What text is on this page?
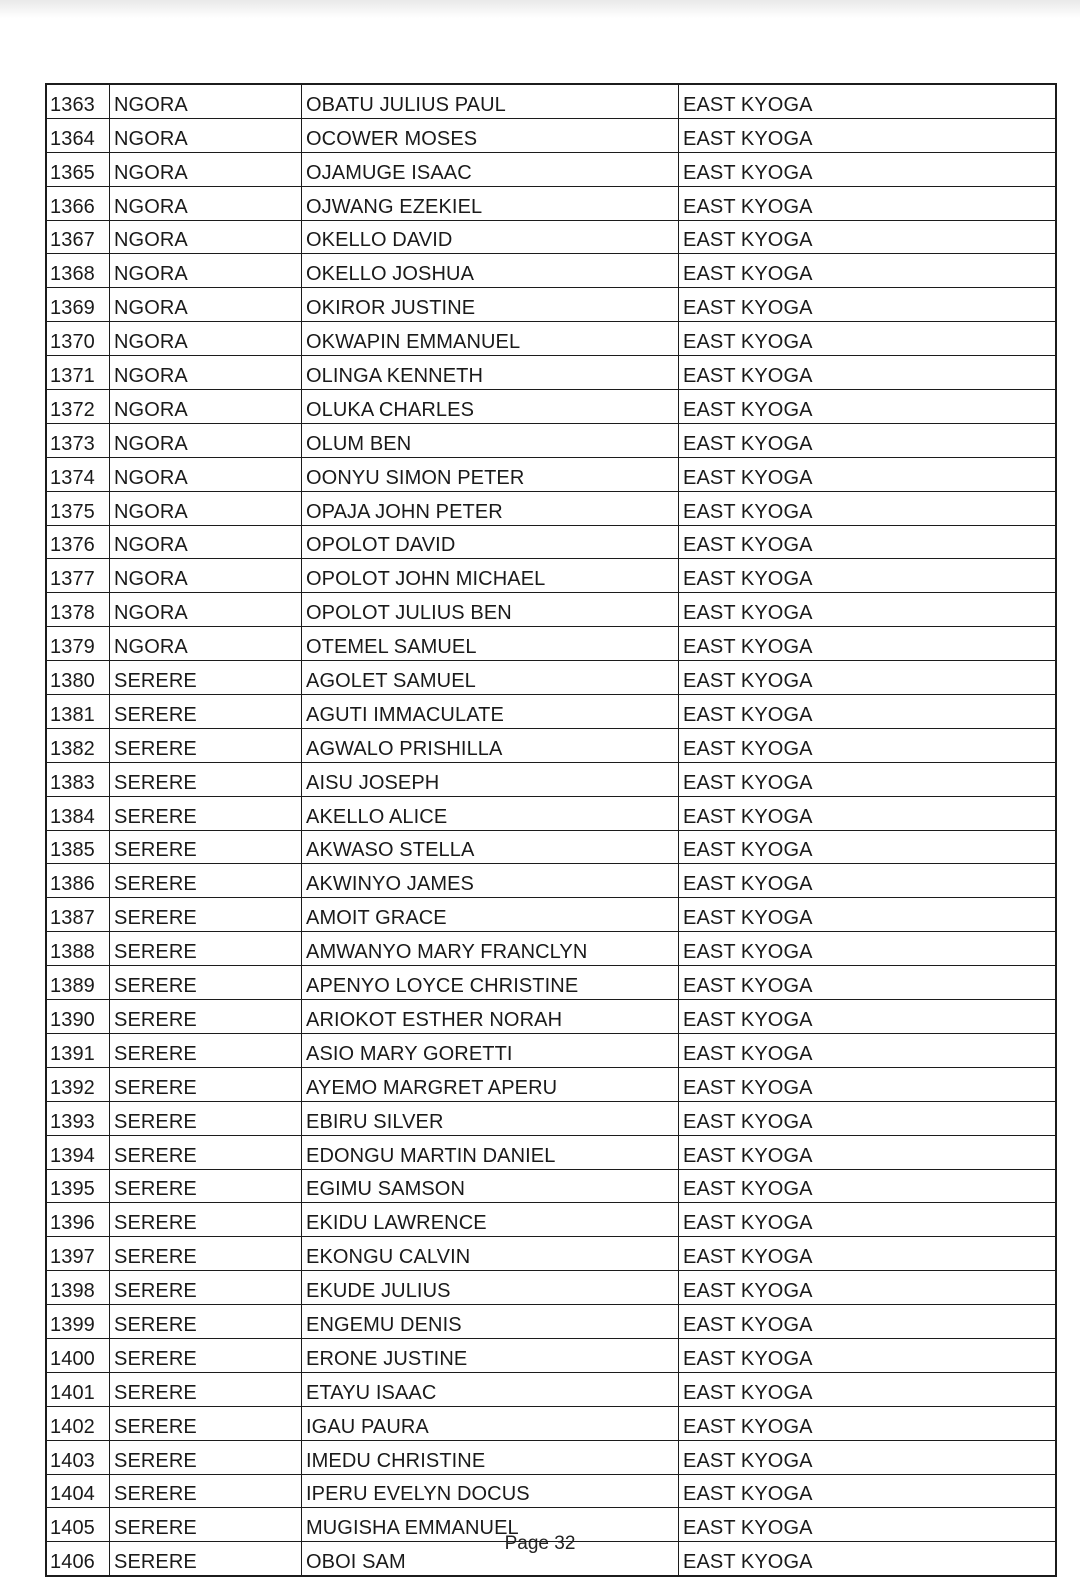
1363	NGORA	OBATU JULIUS PAUL	EAST KYOGA
1364	NGORA	OCOWER MOSES	EAST KYOGA
1365	NGORA	OJAMUGE ISAAC	EAST KYOGA
1366	NGORA	OJWANG EZEKIEL	EAST KYOGA
1367	NGORA	OKELLO DAVID	EAST KYOGA
1368	NGORA	OKELLO JOSHUA	EAST KYOGA
1369	NGORA	OKIROR JUSTINE	EAST KYOGA
1370	NGORA	OKWAPIN EMMANUEL	EAST KYOGA
1371	NGORA	OLINGA KENNETH	EAST KYOGA
1372	NGORA	OLUKA CHARLES	EAST KYOGA
1373	NGORA	OLUM BEN	EAST KYOGA
1374	NGORA	OONYU SIMON PETER	EAST KYOGA
1375	NGORA	OPAJA JOHN PETER	EAST KYOGA
1376	NGORA	OPOLOT DAVID	EAST KYOGA
1377	NGORA	OPOLOT JOHN MICHAEL	EAST KYOGA
1378	NGORA	OPOLOT JULIUS BEN	EAST KYOGA
1379	NGORA	OTEMEL SAMUEL	EAST KYOGA
1380	SERERE	AGOLET SAMUEL	EAST KYOGA
1381	SERERE	AGUTI IMMACULATE	EAST KYOGA
1382	SERERE	AGWALO PRISHILLA	EAST KYOGA
1383	SERERE	AISU JOSEPH	EAST KYOGA
1384	SERERE	AKELLO ALICE	EAST KYOGA
1385	SERERE	AKWASO STELLA	EAST KYOGA
1386	SERERE	AKWINYO JAMES	EAST KYOGA
1387	SERERE	AMOIT GRACE	EAST KYOGA
1388	SERERE	AMWANYO MARY FRANCLYN	EAST KYOGA
1389	SERERE	APENYO LOYCE CHRISTINE	EAST KYOGA
1390	SERERE	ARIOKOT ESTHER NORAH	EAST KYOGA
1391	SERERE	ASIO MARY GORETTI	EAST KYOGA
1392	SERERE	AYEMO MARGRET APERU	EAST KYOGA
1393	SERERE	EBIRU SILVER	EAST KYOGA
1394	SERERE	EDONGU MARTIN DANIEL	EAST KYOGA
1395	SERERE	EGIMU SAMSON	EAST KYOGA
1396	SERERE	EKIDU LAWRENCE	EAST KYOGA
1397	SERERE	EKONGU CALVIN	EAST KYOGA
1398	SERERE	EKUDE JULIUS	EAST KYOGA
1399	SERERE	ENGEMU DENIS	EAST KYOGA
1400	SERERE	ERONE JUSTINE	EAST KYOGA
1401	SERERE	ETAYU ISAAC	EAST KYOGA
1402	SERERE	IGAU PAURA	EAST KYOGA
1403	SERERE	IMEDU CHRISTINE	EAST KYOGA
1404	SERERE	IPERU EVELYN DOCUS	EAST KYOGA
1405	SERERE	MUGISHA EMMANUEL	EAST KYOGA
1406	SERERE	OBOI SAM	EAST KYOGA
Page 32
